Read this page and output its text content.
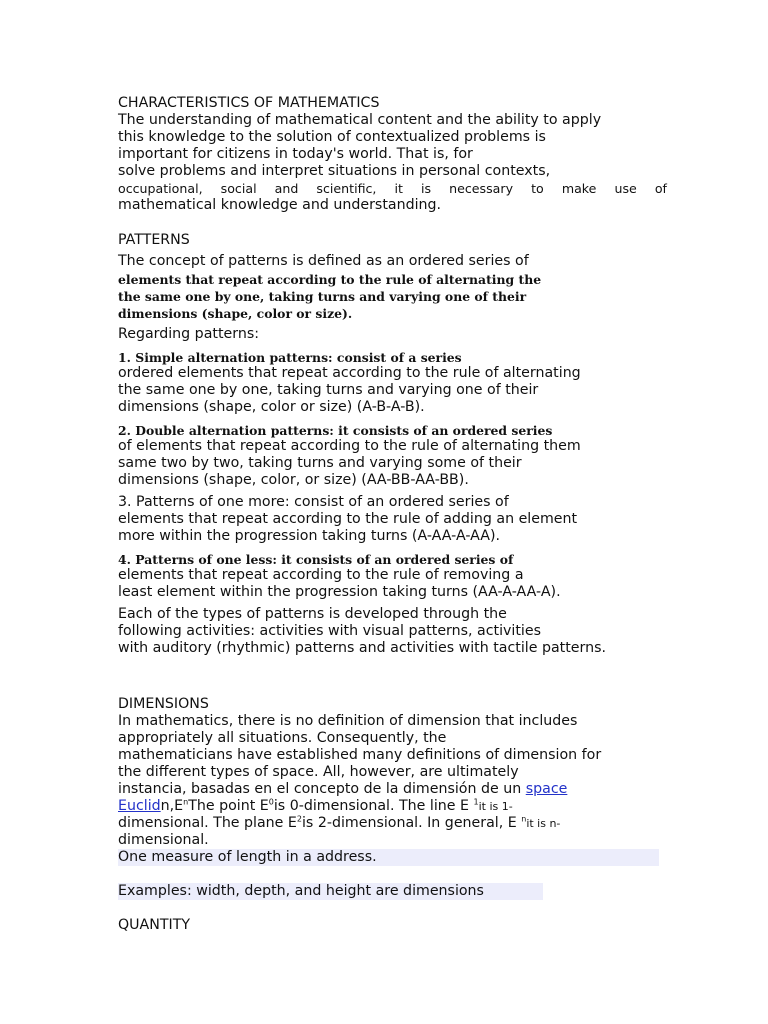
CHARACTERISTICS OF MATHEMATICS

The understanding of mathematical content and the ability to apply

this knowledge to the solution of contextualized problems is

important for citizens in today's world. That is, for

solve problems and interpret situations in personal contexts,

occupational, social and scientific, it is necessary to make use of

mathematical knowledge and understanding.

PATTERNS

The concept of patterns is defined as an ordered series of

elements that repeat according to the rule of alternating the

the same one by one, taking turns and varying one of their

dimensions (shape, color or size).

Regarding patterns:

1. Simple alternation patterns: consist of a series

ordered elements that repeat according to the rule of alternating

the same one by one, taking turns and varying one of their

dimensions (shape, color or size) (A-B-A-B).

2. Double alternation patterns: it consists of an ordered series

of elements that repeat according to the rule of alternating them

same two by two, taking turns and varying some of their

dimensions (shape, color, or size) (AA-BB-AA-BB).

3. Patterns of one more: consist of an ordered series of

elements that repeat according to the rule of adding an element

more within the progression taking turns (A-AA-A-AA).

4. Patterns of one less: it consists of an ordered series of

elements that repeat according to the rule of removing a

least element within the progression taking turns (AA-A-AA-A).

Each of the types of patterns is developed through the

following activities: activities with visual patterns, activities

with auditory (rhythmic) patterns and activities with tactile patterns.

DIMENSIONS

In mathematics, there is no definition of dimension that includes

appropriately all situations. Consequently, the

mathematicians have established many definitions of dimension for

the different types of space. All, however, are ultimately

instancia, basadas en el concepto de la dimensión de un space

$Euclidn,E^nThe$ point $E^0is$ 0-dimensional. The line E $^1$it is 1-

dimensional. The plane $E^2is$ 2-dimensional. In general, E $^n$it is n-

dimensional.

One measure of length in a address.

Examples: width, depth, and height are dimensions

QUANTITY
